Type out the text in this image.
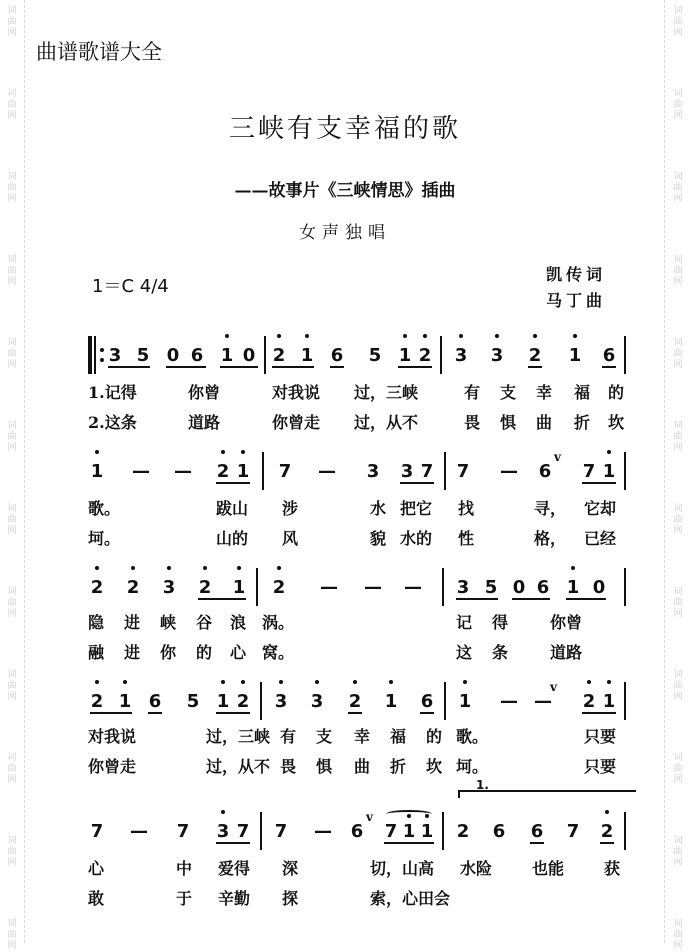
词
曲
网
词
曲
网
词
曲
网
词
曲
网
词
曲
网
词
曲
网
词
曲
网
词
曲
网
词
曲
网
词
曲
网
词
曲
网
词
曲
网
词
曲
网
词
曲
网
词
曲
网
词
曲
网
词
曲
网
词
曲
网
词
曲
网
词
曲
网
词
曲
网
词
曲
网
词
曲
网
词
曲
网
曲谱歌谱大全
三峡有支幸福的歌
——故事片《三峡情思》插曲
女声独唱
1＝C 4/4
凯传词
马丁曲
3 5 0 6 1 0 2 1 6 5 1 2 3 3 2 1 6
1.记得	你曾	对我说 过，三峡	有 支 幸 福 的
2.这条	道路	你曾走 过，从不	畏 惧 曲 折 坎
1 — — 2 1 7 — 3 3 7 7 — 6
v
7 1
歌。	跋山 涉	水 把它 找	寻， 它却
坷。	山的 风	貌 水的 性	格， 已经
2 2 3 2 1 2 — — — 3 5 0 6 1 0
隐 进 峡 谷 浪 涡。	记 得	你曾
融 进 你 的 心 窝。	这 条	道路
2 1 6 5 1 2 3 3 2 1 6 1 — —
v
2 1
对我说	过，三峡 有 支 幸 福 的 歌。	只要
你曾走	过，从不 畏 惧 曲 折 坎 坷。	只要
1.
7 — 7 3 7 7 — 6
v
7 1 1 2 6 6 7 2
心	中 爱得 深	切，山高 水险 也能 获
敢	于 辛勤 探	索，心田会
